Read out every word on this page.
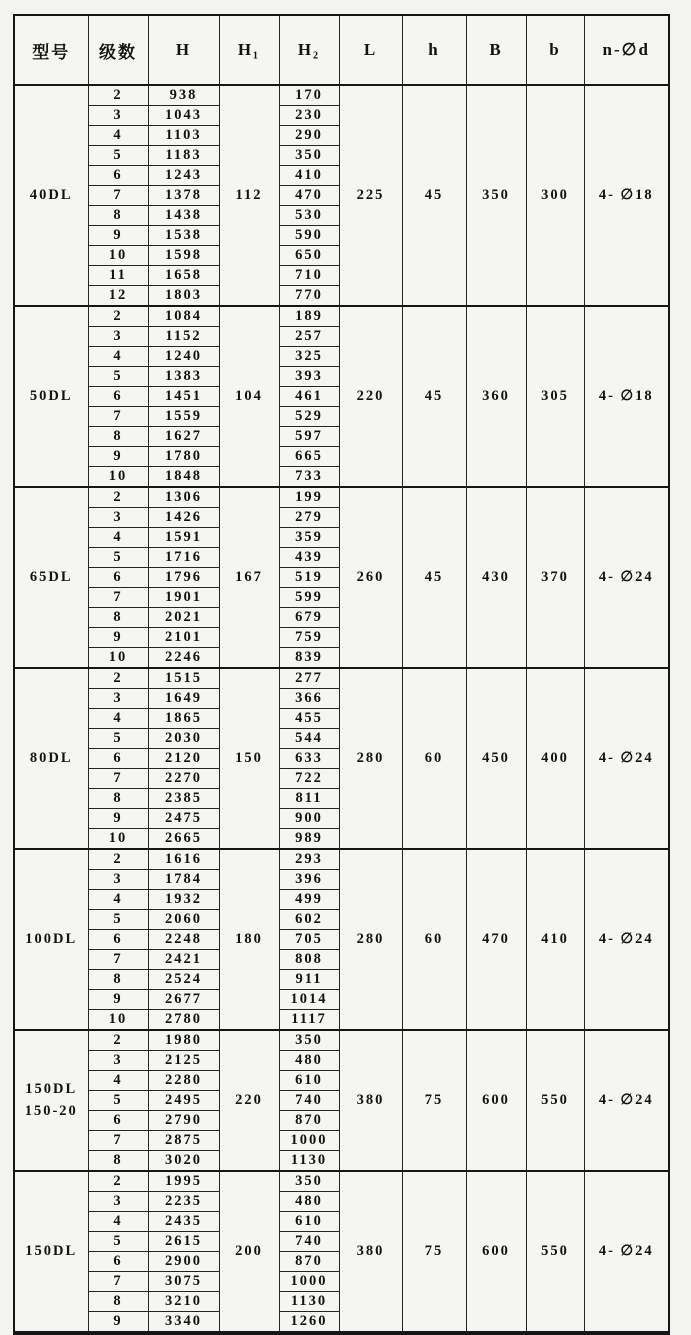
型号	级数	H	H₁	H₂	L	h	B	b	n-∅d

40DL	2	938	112	170	225	45	350	300	4- ∅18
	3	1043		230					
	4	1103		290					
	5	1183		350					
	6	1243		410					
	7	1378		470					
	8	1438		530					
	9	1538		590					
	10	1598		650					
	11	1658		710					
	12	1803		770					

50DL	2	1084	104	189	220	45	360	305	4- ∅18
	3	1152		257					
	4	1240		325					
	5	1383		393					
	6	1451		461					
	7	1559		529					
	8	1627		597					
	9	1780		665					
	10	1848		733					

65DL	2	1306	167	199	260	45	430	370	4- ∅24
	3	1426		279					
	4	1591		359					
	5	1716		439					
	6	1796		519					
	7	1901		599					
	8	2021		679					
	9	2101		759					
	10	2246		839					

80DL	2	1515	150	277	280	60	450	400	4- ∅24
	3	1649		366					
	4	1865		455					
	5	2030		544					
	6	2120		633					
	7	2270		722					
	8	2385		811					
	9	2475		900					
	10	2665		989					

100DL	2	1616	180	293	280	60	470	410	4- ∅24
	3	1784		396					
	4	1932		499					
	5	2060		602					
	6	2248		705					
	7	2421		808					
	8	2524		911					
	9	2677		1014					
	10	2780		1117					

150DL
150-20	2	1980	220	350	380	75	600	550	4- ∅24
	3	2125		480					
	4	2280		610					
	5	2495		740					
	6	2790		870					
	7	2875		1000					
	8	3020		1130					

150DL	2	1995	200	350	380	75	600	550	4- ∅24
	3	2235		480					
	4	2435		610					
	5	2615		740					
	6	2900		870					
	7	3075		1000					
	8	3210		1130					
	9	3340		1260					
